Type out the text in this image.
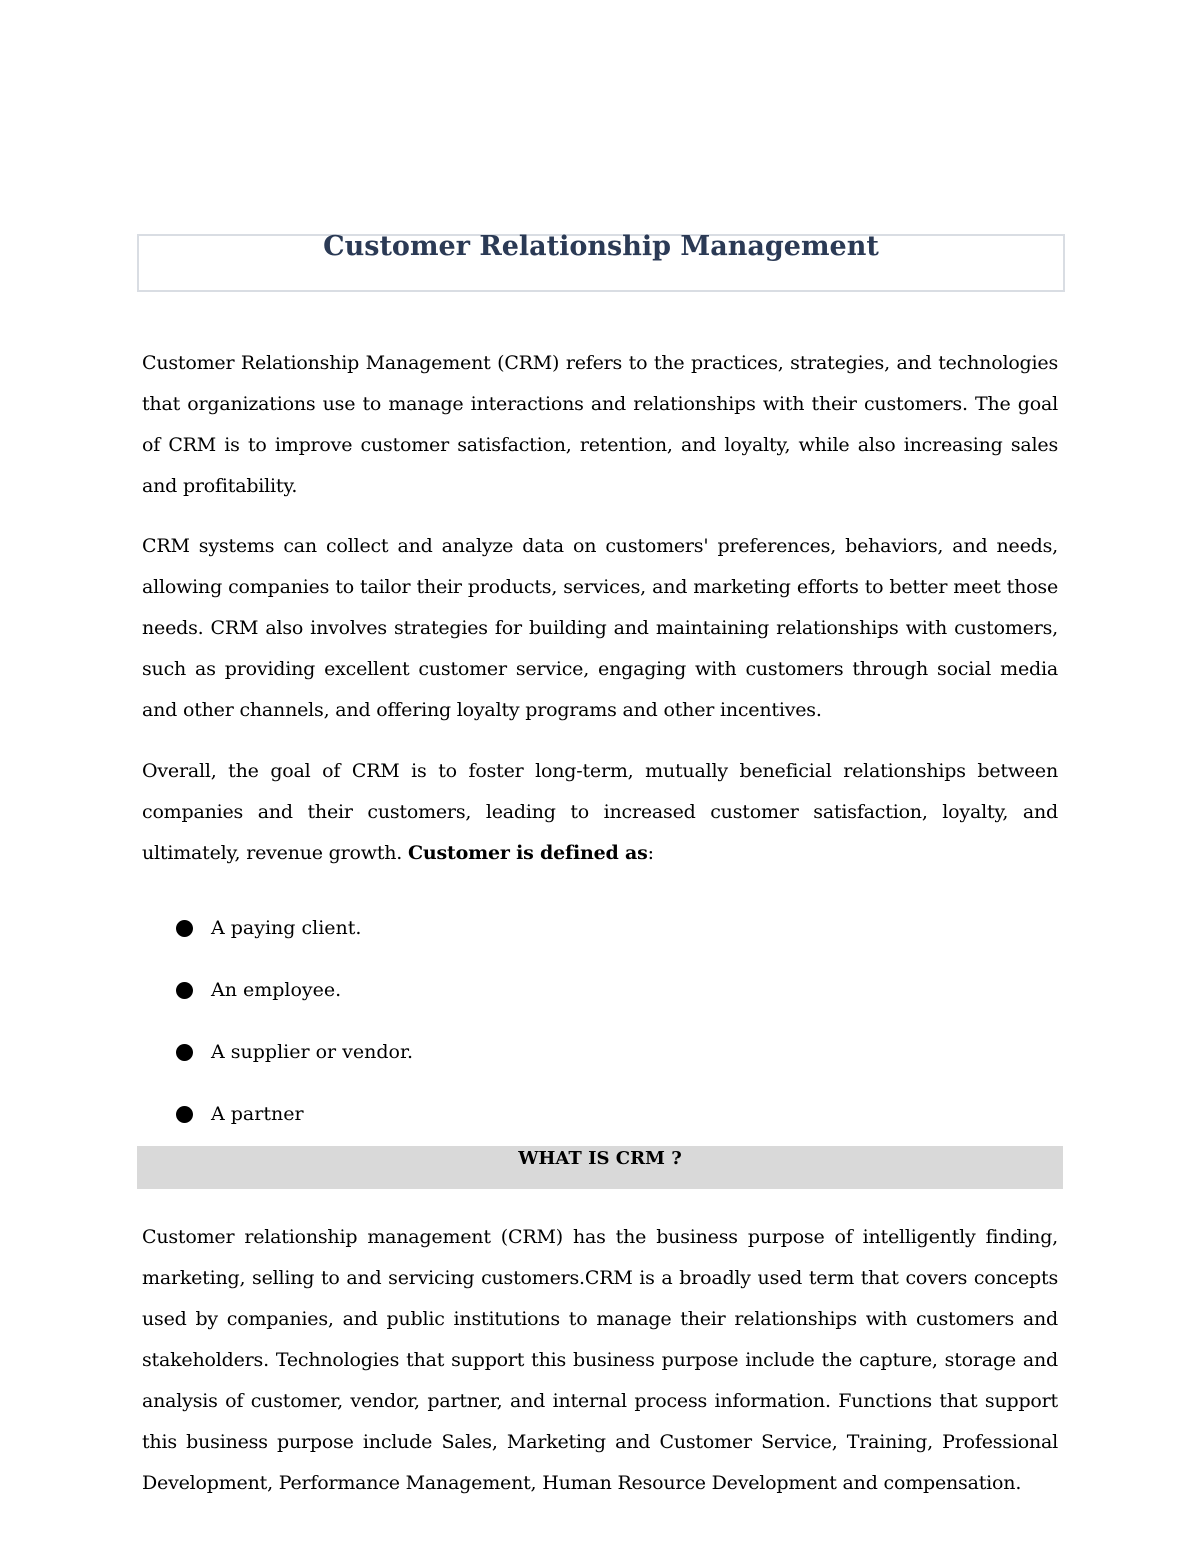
Customer Relationship Management

Customer Relationship Management (CRM) refers to the practices, strategies, and technologies that organizations use to manage interactions and relationships with their customers. The goal of CRM is to improve customer satisfaction, retention, and loyalty, while also increasing sales and profitability.

CRM systems can collect and analyze data on customers' preferences, behaviors, and needs, allowing companies to tailor their products, services, and marketing efforts to better meet those needs. CRM also involves strategies for building and maintaining relationships with customers, such as providing excellent customer service, engaging with customers through social media and other channels, and offering loyalty programs and other incentives.

Overall, the goal of CRM is to foster long-term, mutually beneficial relationships between companies and their customers, leading to increased customer satisfaction, loyalty, and ultimately, revenue growth. Customer is defined as:

A paying client.
An employee.
A supplier or vendor.
A partner
WHAT IS CRM ?

Customer relationship management (CRM) has the business purpose of intelligently finding, marketing, selling to and servicing customers.CRM is a broadly used term that covers concepts used by companies, and public institutions to manage their relationships with customers and stakeholders. Technologies that support this business purpose include the capture, storage and analysis of customer, vendor, partner, and internal process information. Functions that support this business purpose include Sales, Marketing and Customer Service, Training, Professional Development, Performance Management, Human Resource Development and compensation.
